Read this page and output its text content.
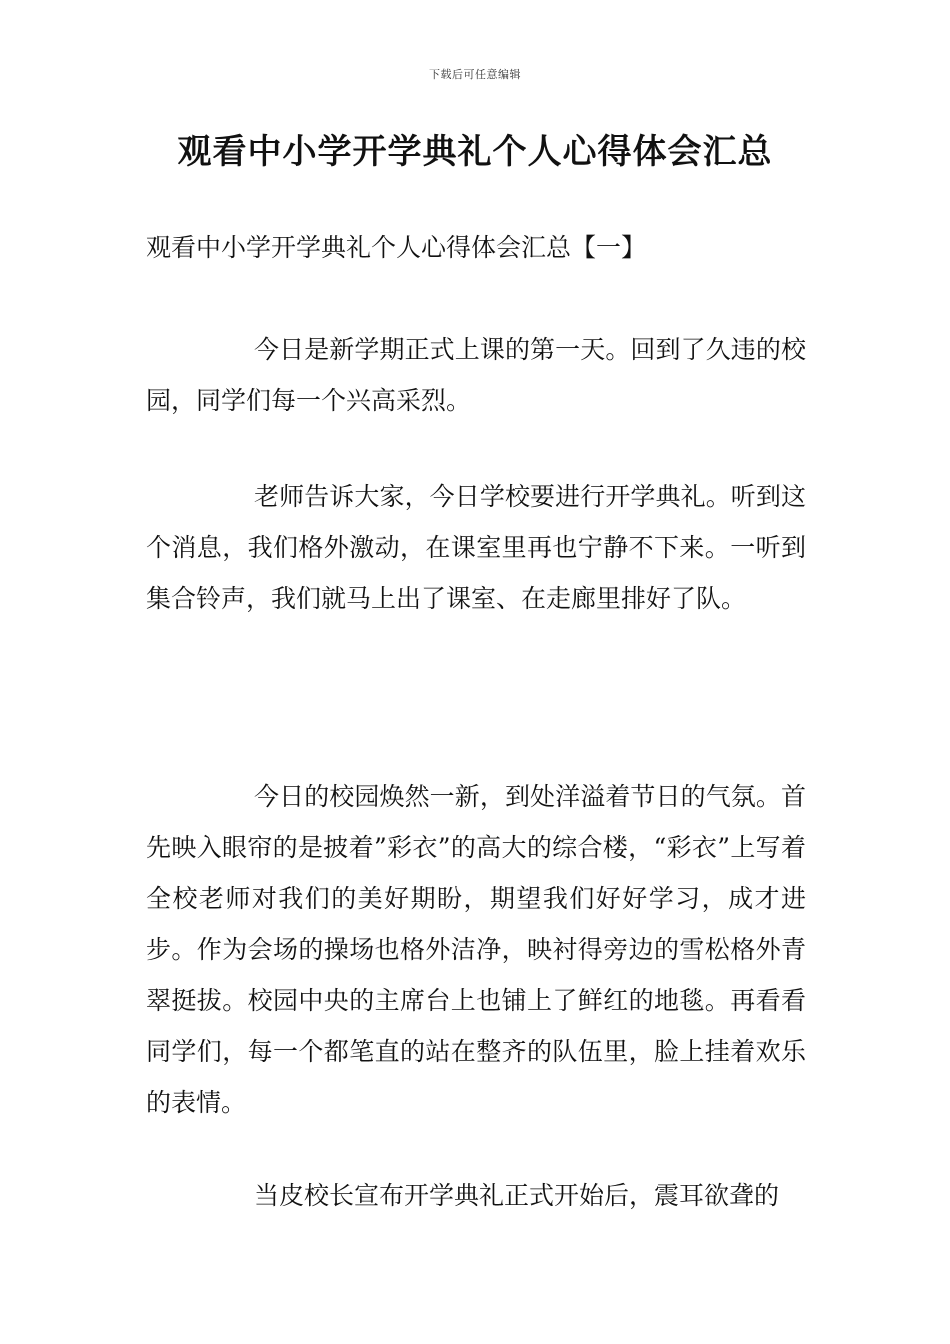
下载后可任意编辑
观看中小学开学典礼个人心得体会汇总
观看中小学开学典礼个人心得体会汇总【一】

今日是新学期正式上课的第一天。回到了久违的校园，同学们每一个兴高采烈。

老师告诉大家，今日学校要进行开学典礼。听到这个消息，我们格外激动，在课室里再也宁静不下来。一听到集合铃声，我们就马上出了课室、在走廊里排好了队。

今日的校园焕然一新，到处洋溢着节日的气氛。首先映入眼帘的是披着”彩衣”的高大的综合楼，“彩衣”上写着全校老师对我们的美好期盼，期望我们好好学习，成才进步。作为会场的操场也格外洁净，映衬得旁边的雪松格外青翠挺拔。校园中央的主席台上也铺上了鲜红的地毯。再看看同学们，每一个都笔直的站在整齐的队伍里，脸上挂着欢乐的表情。

当皮校长宣布开学典礼正式开始后，震耳欲聋的
